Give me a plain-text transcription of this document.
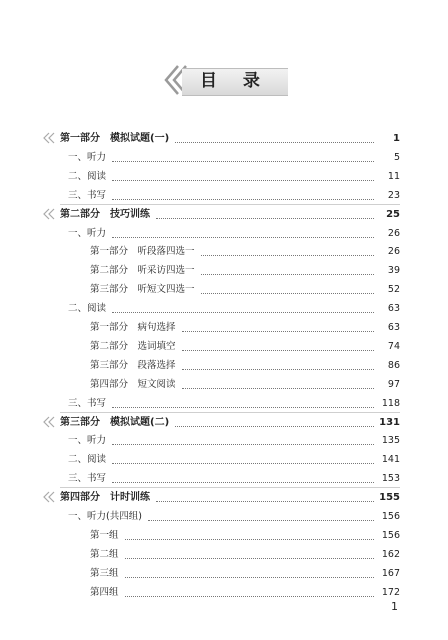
目 录
第一部分　模拟试题(一)	1
一、听力	5
二、阅读	11
三、书写	23
第二部分　技巧训练	25
一、听力	26
第一部分　听段落四选一	26
第二部分　听采访四选一	39
第三部分　听短文四选一	52
二、阅读	63
第一部分　病句选择	63
第二部分　选词填空	74
第三部分　段落选择	86
第四部分　短文阅读	97
三、书写	118
第三部分　模拟试题(二)	131
一、听力	135
二、阅读	141
三、书写	153
第四部分　计时训练	155
一、听力(共四组)	156
第一组	156
第二组	162
第三组	167
第四组	172
1
